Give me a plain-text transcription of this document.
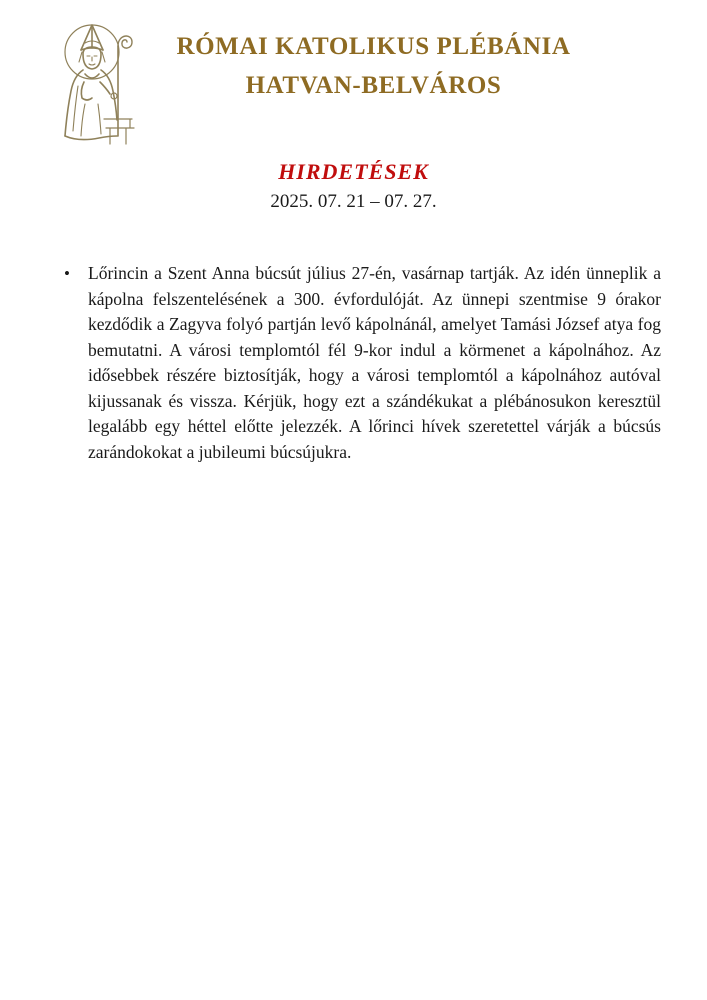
RÓMAI KATOLIKUS PLÉBÁNIA
HATVAN-BELVÁROS
HIRDETÉSEK
2025. 07. 21 – 07. 27.
•	Lőrincin a Szent Anna búcsút július 27-én, vasárnap tartják. Az idén ünneplik a kápolna felszentelésének a 300. évfordulóját. Az ünnepi szentmise 9 órakor kezdődik a Zagyva folyó partján levő kápolnánál, amelyet Tamási József atya fog bemutatni. A városi templomtól fél 9-kor indul a körmenet a kápolnához. Az idősebbek részére biztosítják, hogy a városi templomtól a kápolnához autóval kijussanak és vissza. Kérjük, hogy ezt a szándékukat a plébánosukon keresztül legalább egy héttel előtte jelezzék. A lőrinci hívek szeretettel várják a búcsús zarándokokat a jubileumi búcsújukra.
